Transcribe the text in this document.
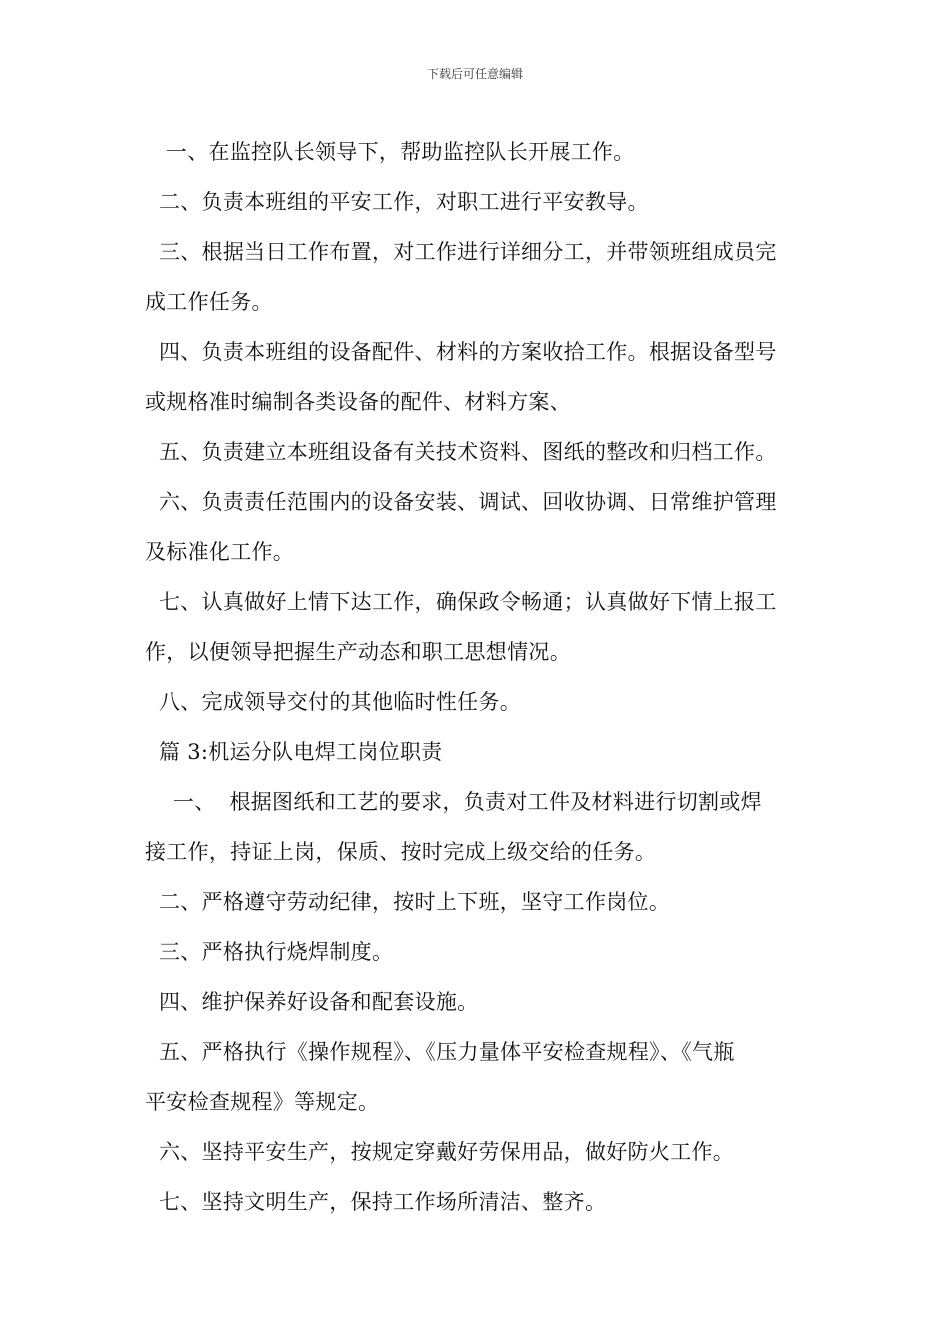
下载后可任意编辑
一、在监控队长领导下，帮助监控队长开展工作。
二、负责本班组的平安工作，对职工进行平安教导。
三、根据当日工作布置，对工作进行详细分工，并带领班组成员完
成工作任务。
四、负责本班组的设备配件、材料的方案收拾工作。根据设备型号
或规格准时编制各类设备的配件、材料方案、
五、负责建立本班组设备有关技术资料、图纸的整改和归档工作。
六、负责责任范围内的设备安装、调试、回收协调、日常维护管理
及标准化工作。
七、认真做好上情下达工作，确保政令畅通；认真做好下情上报工
作，以便领导把握生产动态和职工思想情况。
八、完成领导交付的其他临时性任务。
篇 3:机运分队电焊工岗位职责
一、  根据图纸和工艺的要求，负责对工件及材料进行切割或焊
接工作，持证上岗，保质、按时完成上级交给的任务。
二、严格遵守劳动纪律，按时上下班，坚守工作岗位。
三、严格执行烧焊制度。
四、维护保养好设备和配套设施。
五、严格执行《操作规程》、《压力量体平安检查规程》、《气瓶
平安检查规程》等规定。
六、坚持平安生产，按规定穿戴好劳保用品，做好防火工作。
七、坚持文明生产，保持工作场所清洁、整齐。
